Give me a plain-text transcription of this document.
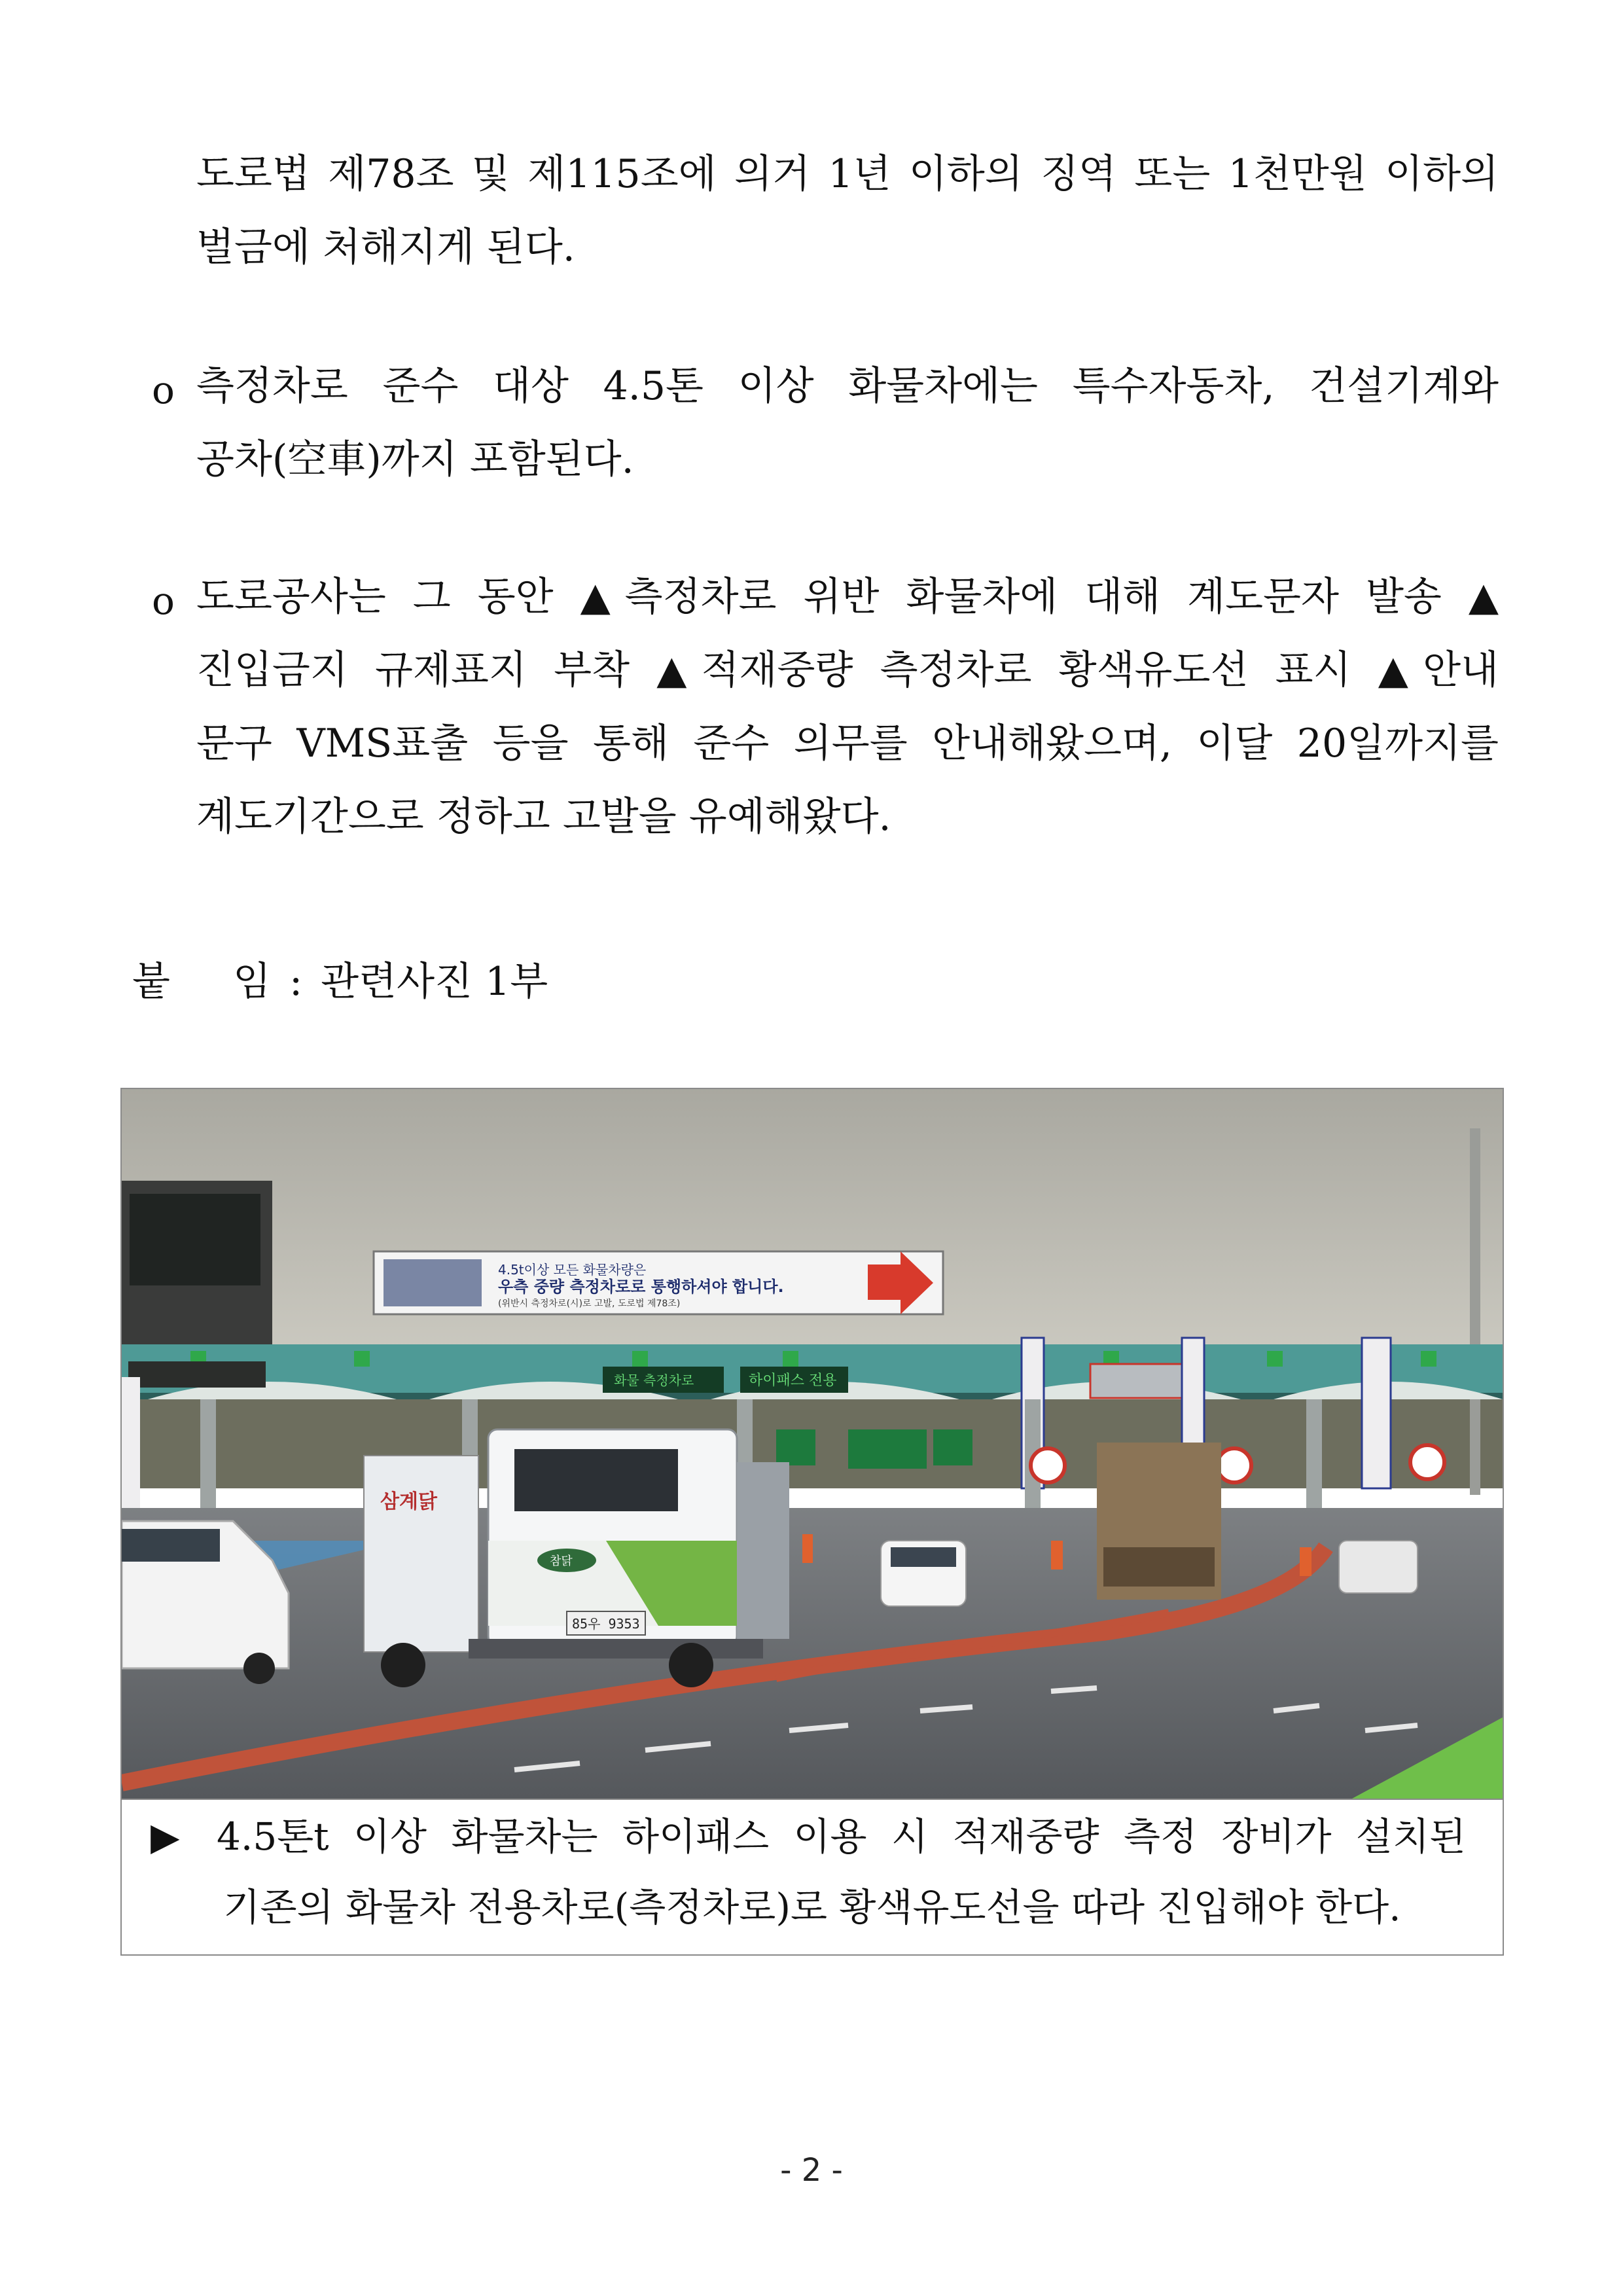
도로법 제78조 및 제115조에 의거 1년 이하의 징역 또는 1천만원 이하의
벌금에 처해지게 된다.
o 측정차로 준수 대상 4.5톤 이상 화물차에는 특수자동차, 건설기계와
공차(空車)까지 포함된다.
o 도로공사는 그 동안 ▲측정차로 위반 화물차에 대해 계도문자 발송 ▲
진입금지 규제표지 부착 ▲적재중량 측정차로 황색유도선 표시 ▲안내
문구 VMS표출 등을 통해 준수 의무를 안내해왔으며, 이달 20일까지를
계도기간으로 정하고 고발을 유예해왔다.
붙 임 : 관련사진 1부
4.5t이상 모든 화물차량은
우측 중량 측정차로로 통행하셔야 합니다.
(위반시 측정차로(시)로 고발, 도로법 제78조)
화물 측정차로	하이패스 전용
삼계닭
참닭
85우 9353
▶ 4.5톤t 이상 화물차는 하이패스 이용 시 적재중량 측정 장비가 설치된
기존의 화물차 전용차로(측정차로)로 황색유도선을 따라 진입해야 한다.
- 2 -
